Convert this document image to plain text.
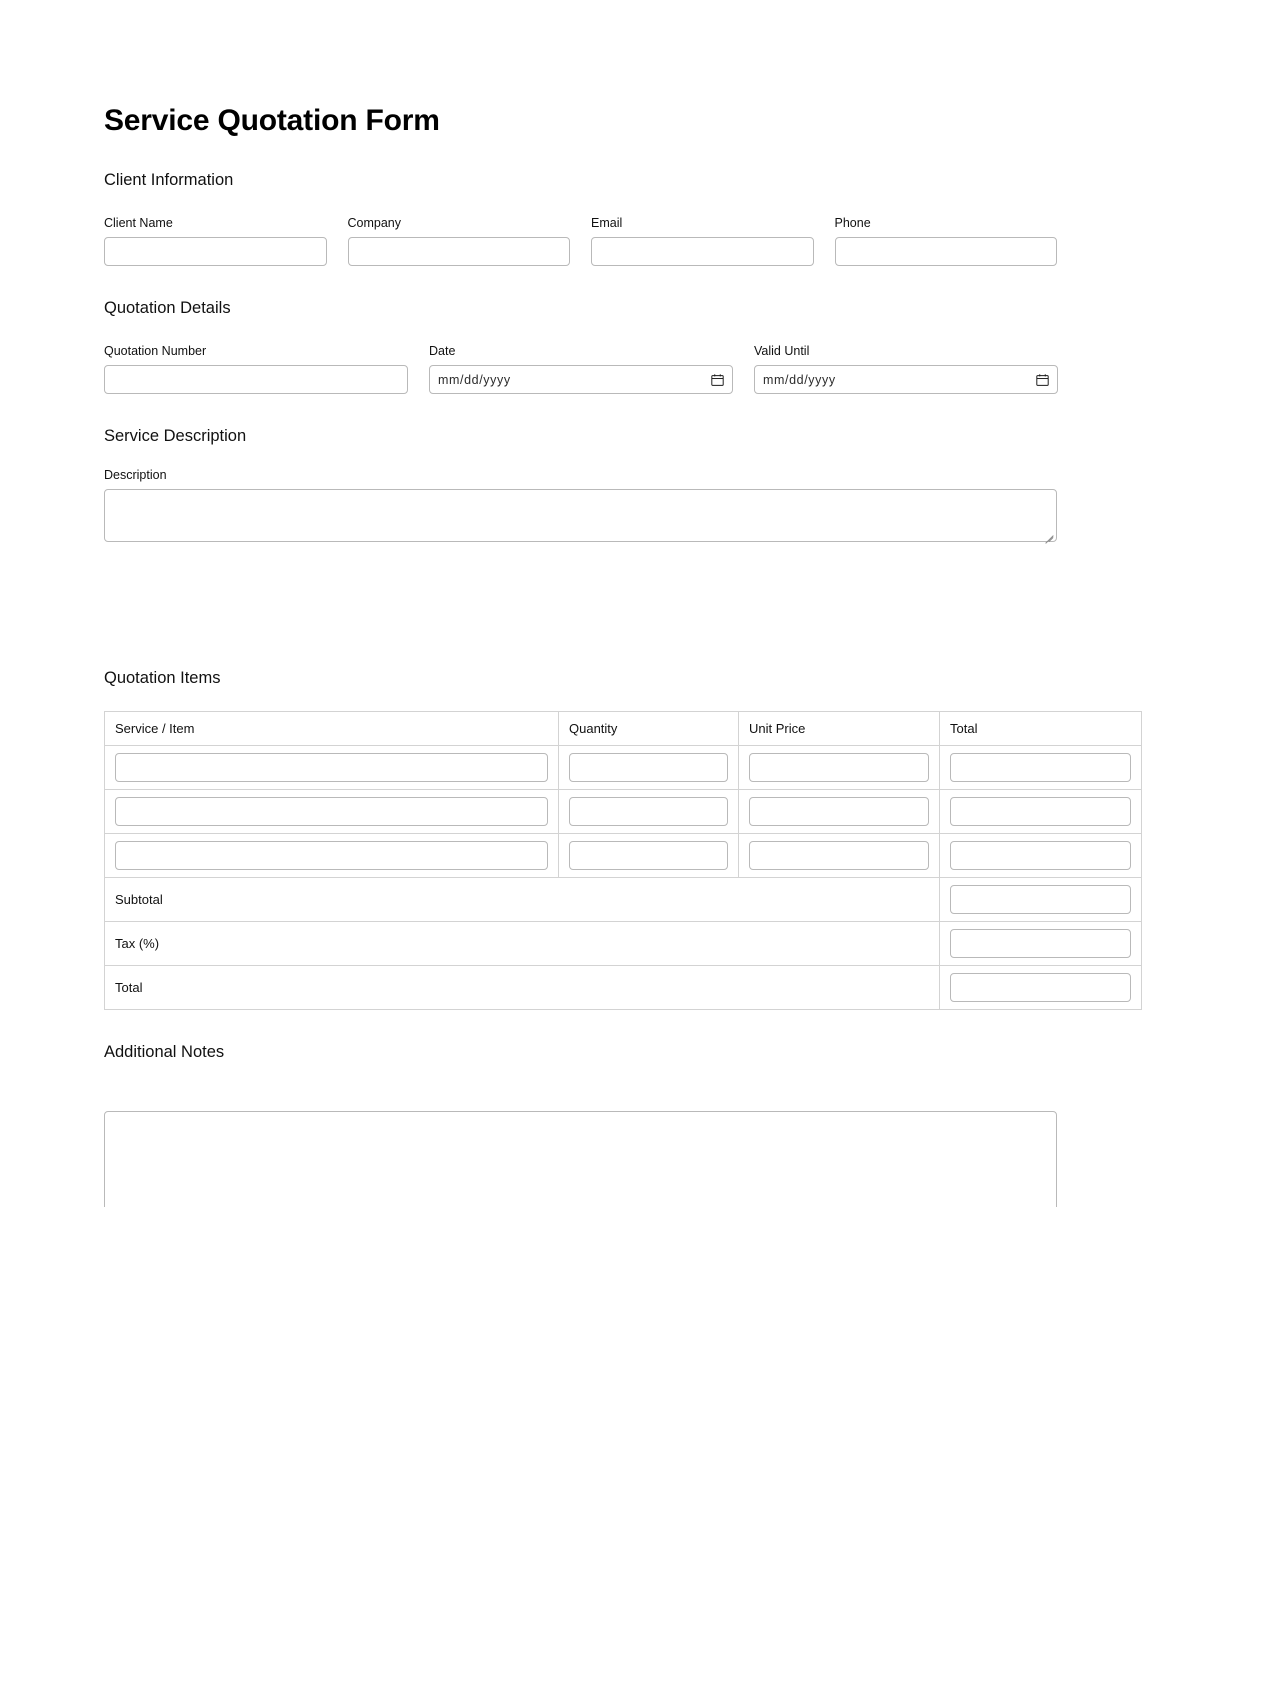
Service Quotation Form
Client Information
Client Name	Company	Email	Phone
Quotation Details
Quotation Number	Date
mm/dd/yyyy
Valid Until
mm/dd/yyyy
Service Description
Description
Quotation Items
Service / Item	Quantity	Unit Price	Total

Subtotal	
Tax (%)	
Total	
Additional Notes
